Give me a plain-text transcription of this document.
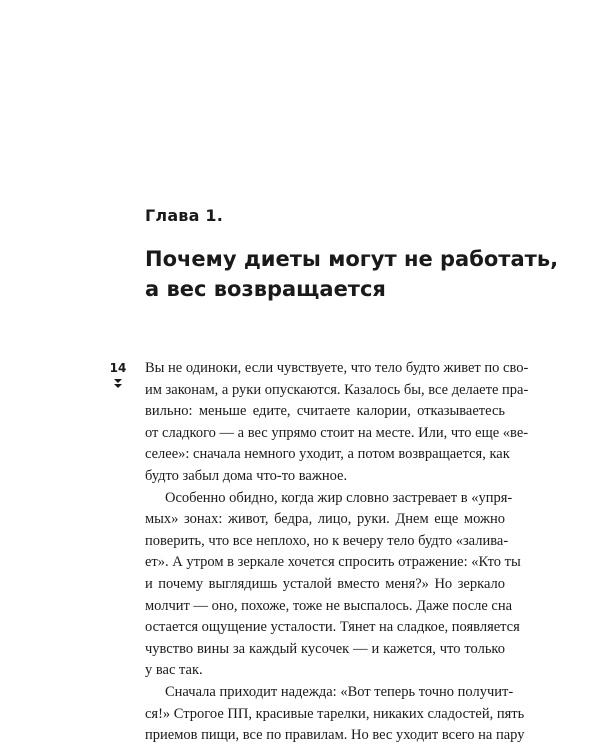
Глава 1.
Почему диеты могут не работать,
а вес возвращается
14 Вы не одиноки, если чувствуете, что тело будто живет по сво-
им законам, а руки опускаются. Казалось бы, все делаете пра-
вильно: меньше едите, считаете калории, отказываетесь
от сладкого — а вес упрямо стоит на месте. Или, что еще «ве-
селее»: сначала немного уходит, а потом возвращается, как
будто забыл дома что-то важное.

Особенно обидно, когда жир словно застревает в «упря-
мых» зонах: живот, бедра, лицо, руки. Днем еще можно
поверить, что все неплохо, но к вечеру тело будто «залива-
ет». А утром в зеркале хочется спросить отражение: «Кто ты
и почему выглядишь усталой вместо меня?» Но зеркало
молчит — оно, похоже, тоже не выспалось. Даже после сна
остается ощущение усталости. Тянет на сладкое, появляется
чувство вины за каждый кусочек — и кажется, что только
у вас так.

Сначала приходит надежда: «Вот теперь точно получит-
ся!» Строгое ПП, красивые тарелки, никаких сладостей, пять
приемов пищи, все по правилам. Но вес уходит всего на пару
